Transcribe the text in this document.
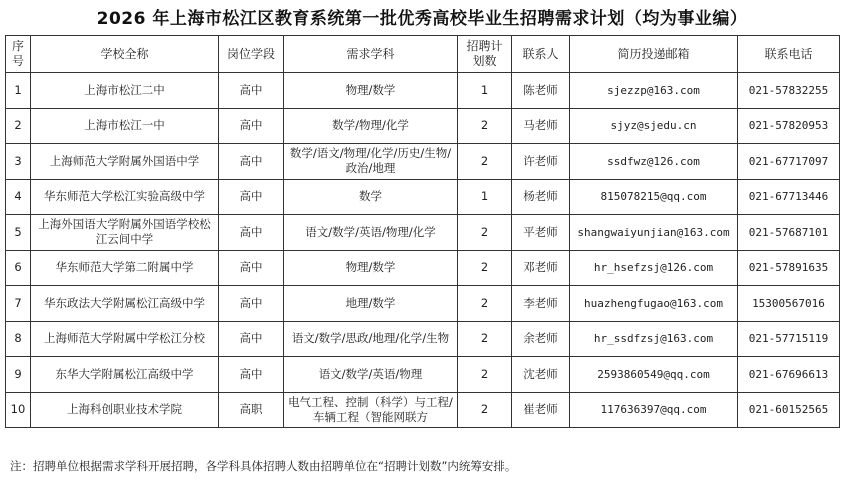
2026 年上海市松江区教育系统第一批优秀高校毕业生招聘需求计划（均为事业编）
序号	学校全称	岗位学段	需求学科	招聘计划数	联系人	简历投递邮箱	联系电话
1	上海市松江二中	高中	物理/数学	1	陈老师	sjezzp@163.com	021-57832255
2	上海市松江一中	高中	数学/物理/化学	2	马老师	sjyz@sjedu.cn	021-57820953
3	上海师范大学附属外国语中学	高中	数学/语文/物理/化学/历史/生物/政治/地理	2	许老师	ssdfwz@126.com	021-67717097
4	华东师范大学松江实验高级中学	高中	数学	1	杨老师	815078215@qq.com	021-67713446
5	上海外国语大学附属外国语学校松江云间中学	高中	语文/数学/英语/物理/化学	2	平老师	shangwaiyunjian@163.com	021-57687101
6	华东师范大学第二附属中学	高中	物理/数学	2	邓老师	hr_hsefzsj@126.com	021-57891635
7	华东政法大学附属松江高级中学	高中	地理/数学	2	李老师	huazhengfugao@163.com	15300567016
8	上海师范大学附属中学松江分校	高中	语文/数学/思政/地理/化学/生物	2	余老师	hr_ssdfzsj@163.com	021-57715119
9	东华大学附属松江高级中学	高中	语文/数学/英语/物理	2	沈老师	2593860549@qq.com	021-67696613
10	上海科创职业技术学院	高职	电气工程、控制（科学）与工程/车辆工程（智能网联方	2	崔老师	117636397@qq.com	021-60152565
注：招聘单位根据需求学科开展招聘，各学科具体招聘人数由招聘单位在“招聘计划数”内统筹安排。
